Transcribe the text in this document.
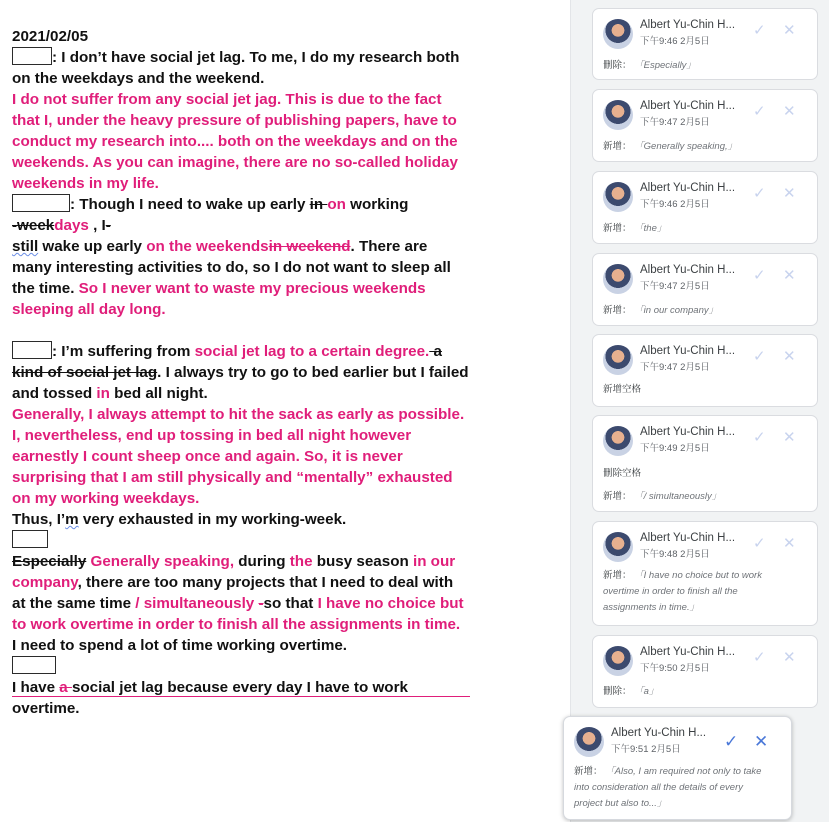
2021/02/05
: I don’t have social jet lag. To me, I do my research both
on the weekdays and the weekend.
I do not suffer from any social jet jag. This is due to the fact
that I, under the heavy pressure of publishing papers, have to
conduct my research into.... both on the weekdays and on the
weekends. As you can imagine, there are no so-called holiday
weekends in my life.
: Though I need to wake up early in on working
-weekdays , I-
still wake up early on the weekendsin weekend. There are
many interesting activities to do, so I do not want to sleep all
the time. So I never want to waste my precious weekends
sleeping all day long.
: I’m suffering from social jet lag to a certain degree. a
kind of social jet lag. I always try to go to bed earlier but I failed
and tossed in bed all night.
Generally, I always attempt to hit the sack as early as possible.
I, nevertheless, end up tossing in bed all night however
earnestly I count sheep once and again. So, it is never
surprising that I am still physically and “mentally” exhausted
on my working weekdays.
Thus, I’m very exhausted in my working-week.
Especially Generally speaking, during the busy season in our
company, there are too many projects that I need to deal with
at the same time / simultaneously -so that I have no choice but
to work overtime in order to finish all the assignments in time.
I need to spend a lot of time working overtime.
I have a social jet lag because every day I have to work
overtime.
Albert Yu-Chin H...
下午9:46 2月5日
✓ ✕
刪除： 「Especially」
Albert Yu-Chin H...
下午9:47 2月5日
✓ ✕
新增： 「Generally speaking,」
Albert Yu-Chin H...
下午9:46 2月5日
✓ ✕
新增： 「the」
Albert Yu-Chin H...
下午9:47 2月5日
✓ ✕
新增： 「in our company」
Albert Yu-Chin H...
下午9:47 2月5日
✓ ✕
新增空格
Albert Yu-Chin H...
下午9:49 2月5日
✓ ✕
刪除空格
新增： 「/ simultaneously」
Albert Yu-Chin H...
下午9:48 2月5日
✓ ✕
新增： 「I have no choice but to work
overtime in order to finish all the
assignments in time.」
Albert Yu-Chin H...
下午9:50 2月5日
✓ ✕
刪除： 「a」
Albert Yu-Chin H...
下午9:51 2月5日	✓ ✕
新增： 「Also, I am required not only to take
into consideration all the details of every
project but also to...」
